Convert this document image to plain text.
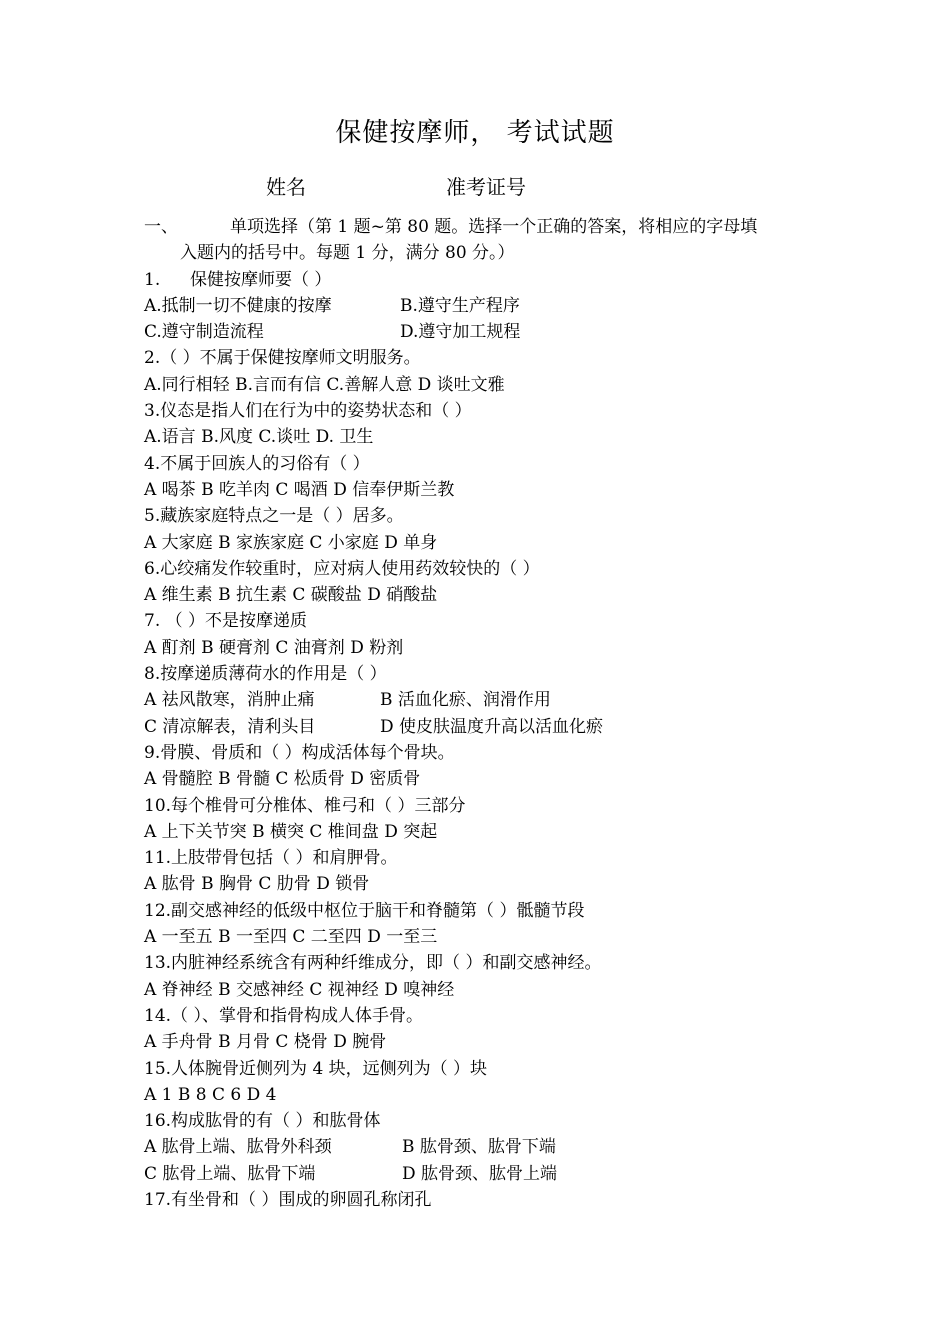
保健按摩师， 考试试题
姓名	准考证号
一、	单项选择（第 1 题~第 80 题。选择一个正确的答案，将相应的字母填
入题内的括号中。每题 1 分，满分 80 分。）
1. 保健按摩师要（ ）
A.抵制一切不健康的按摩	B.遵守生产程序
C.遵守制造流程	D.遵守加工规程
2.（ ）不属于保健按摩师文明服务。
A.同行相轻 B.言而有信 C.善解人意 D 谈吐文雅
3.仪态是指人们在行为中的姿势状态和（ ）
A.语言 B.风度 C.谈吐 D. 卫生
4.不属于回族人的习俗有（ ）
A 喝茶 B 吃羊肉 C 喝酒 D 信奉伊斯兰教
5.藏族家庭特点之一是（ ）居多。
A 大家庭 B 家族家庭 C 小家庭 D 单身
6.心绞痛发作较重时，应对病人使用药效较快的（ ）
A 维生素 B 抗生素 C 碳酸盐 D 硝酸盐
7. （ ）不是按摩递质
A 酊剂 B 硬膏剂 C 油膏剂 D 粉剂
8.按摩递质薄荷水的作用是（ ）
A 祛风散寒，消肿止痛	B 活血化瘀、润滑作用
C 清凉解表，清利头目	D 使皮肤温度升高以活血化瘀
9.骨膜、骨质和（ ）构成活体每个骨块。
A 骨髓腔 B 骨髓 C 松质骨 D 密质骨
10.每个椎骨可分椎体、椎弓和（ ）三部分
A 上下关节突 B 横突 C 椎间盘 D 突起
11.上肢带骨包括（ ）和肩胛骨。
A 肱骨 B 胸骨 C 肋骨 D 锁骨
12.副交感神经的低级中枢位于脑干和脊髓第（ ）骶髓节段
A 一至五 B 一至四 C 二至四 D 一至三
13.内脏神经系统含有两种纤维成分，即（ ）和副交感神经。
A 脊神经 B 交感神经 C 视神经 D 嗅神经
14.（ ）、掌骨和指骨构成人体手骨。
A 手舟骨 B 月骨 C 桡骨 D 腕骨
15.人体腕骨近侧列为 4 块，远侧列为（ ）块
A 1 B 8 C 6 D 4
16.构成肱骨的有（ ）和肱骨体
A 肱骨上端、肱骨外科颈	B 肱骨颈、肱骨下端
C 肱骨上端、肱骨下端	D 肱骨颈、肱骨上端
17.有坐骨和（ ）围成的卵圆孔称闭孔
